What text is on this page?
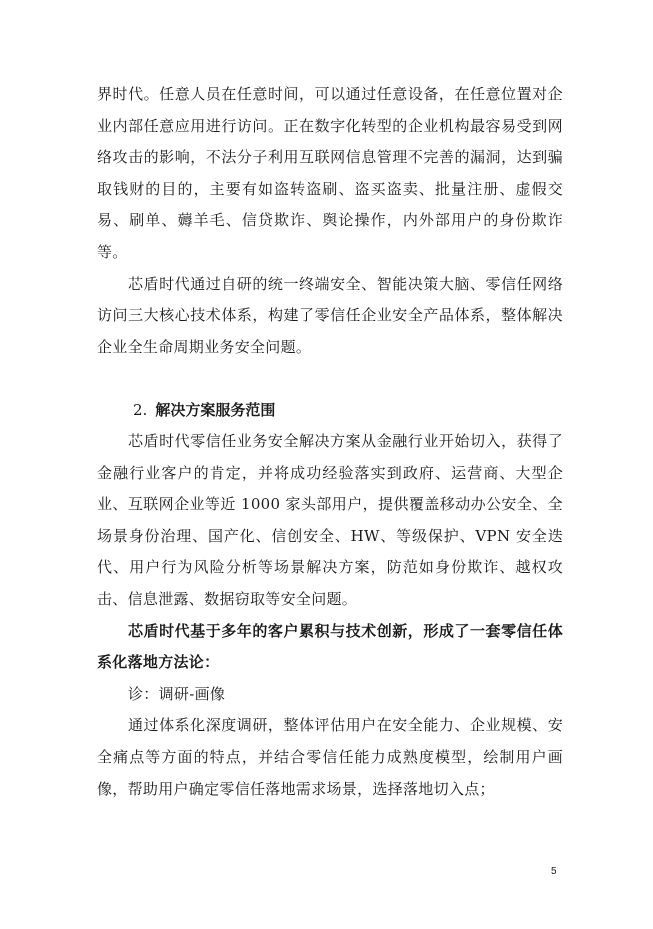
界时代。任意人员在任意时间，可以通过任意设备，在任意位置对企业内部任意应用进行访问。正在数字化转型的企业机构最容易受到网络攻击的影响，不法分子利用互联网信息管理不完善的漏洞，达到骗取钱财的目的，主要有如盗转盗刷、盗买盗卖、批量注册、虚假交易、刷单、薅羊毛、信贷欺诈、舆论操作，内外部用户的身份欺诈等。

芯盾时代通过自研的统一终端安全、智能决策大脑、零信任网络访问三大核心技术体系，构建了零信任企业安全产品体系，整体解决企业全生命周期业务安全问题。

2. 解决方案服务范围

芯盾时代零信任业务安全解决方案从金融行业开始切入，获得了金融行业客户的肯定，并将成功经验落实到政府、运营商、大型企业、互联网企业等近 1000 家头部用户，提供覆盖移动办公安全、全场景身份治理、国产化、信创安全、HW、等级保护、VPN 安全迭代、用户行为风险分析等场景解决方案，防范如身份欺诈、越权攻击、信息泄露、数据窃取等安全问题。

芯盾时代基于多年的客户累积与技术创新，形成了一套零信任体系化落地方法论：

诊：调研-画像

通过体系化深度调研，整体评估用户在安全能力、企业规模、安全痛点等方面的特点，并结合零信任能力成熟度模型，绘制用户画像，帮助用户确定零信任落地需求场景，选择落地切入点；

5
